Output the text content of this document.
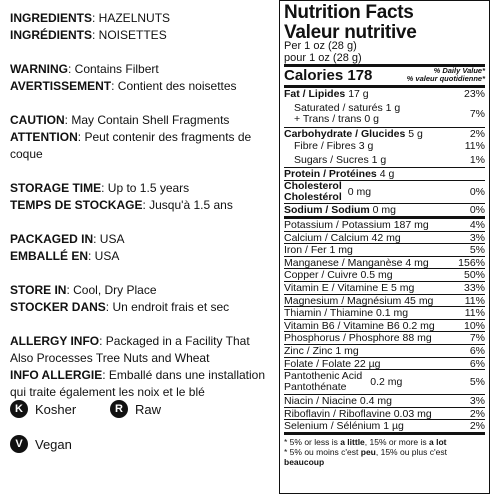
INGREDIENTS: HAZELNUTS
INGRÉDIENTS: NOISETTES
WARNING: Contains Filbert
AVERTISSEMENT: Contient des noisettes
CAUTION: May Contain Shell Fragments
ATTENTION: Peut contenir des fragments de coque
STORAGE TIME: Up to 1.5 years
TEMPS DE STOCKAGE: Jusqu'à 1.5 ans
PACKAGED IN: USA
EMBALLÉ EN: USA
STORE IN: Cool, Dry Place
STOCKER DANS: Un endroit frais et sec
ALLERGY INFO: Packaged in a Facility That Also Processes Tree Nuts and Wheat
INFO ALLERGIE: Emballé dans une installation qui traite également les noix et le blé
K Kosher	R Raw
V Vegan
Nutrition Facts
Valeur nutritive
Per 1 oz (28 g)
pour 1 oz (28 g)
Calories 178	% Daily Value*
% valeur quotidienne*
Fat / Lipides 17 g	23%
Saturated / saturés 1 g
+ Trans / trans 0 g	7%
Carbohydrate / Glucides 5 g	2%
Fibre / Fibres 3 g	11%
Sugars / Sucres 1 g	1%
Protein / Protéines 4 g
Cholesterol
Cholestérol 0 mg	0%
Sodium / Sodium 0 mg	0%
Potassium / Potassium 187 mg	4%
Calcium / Calcium 42 mg	3%
Iron / Fer 1 mg	5%
Manganese / Manganèse 4 mg	156%
Copper / Cuivre 0.5 mg	50%
Vitamin E / Vitamine E 5 mg	33%
Magnesium / Magnésium 45 mg	11%
Thiamin / Thiamine 0.1 mg	11%
Vitamin B6 / Vitamine B6 0.2 mg	10%
Phosphorus / Phosphore 88 mg	7%
Zinc / Zinc 1 mg	6%
Folate / Folate 22 µg	6%
Pantothenic Acid
Pantothénate	0.2 mg	5%
Niacin / Niacine 0.4 mg	3%
Riboflavin / Riboflavine 0.03 mg	2%
Selenium / Sélénium 1 µg	2%
* 5% or less is a little, 15% or more is a lot
* 5% ou moins c'est peu, 15% ou plus c'est beaucoup
